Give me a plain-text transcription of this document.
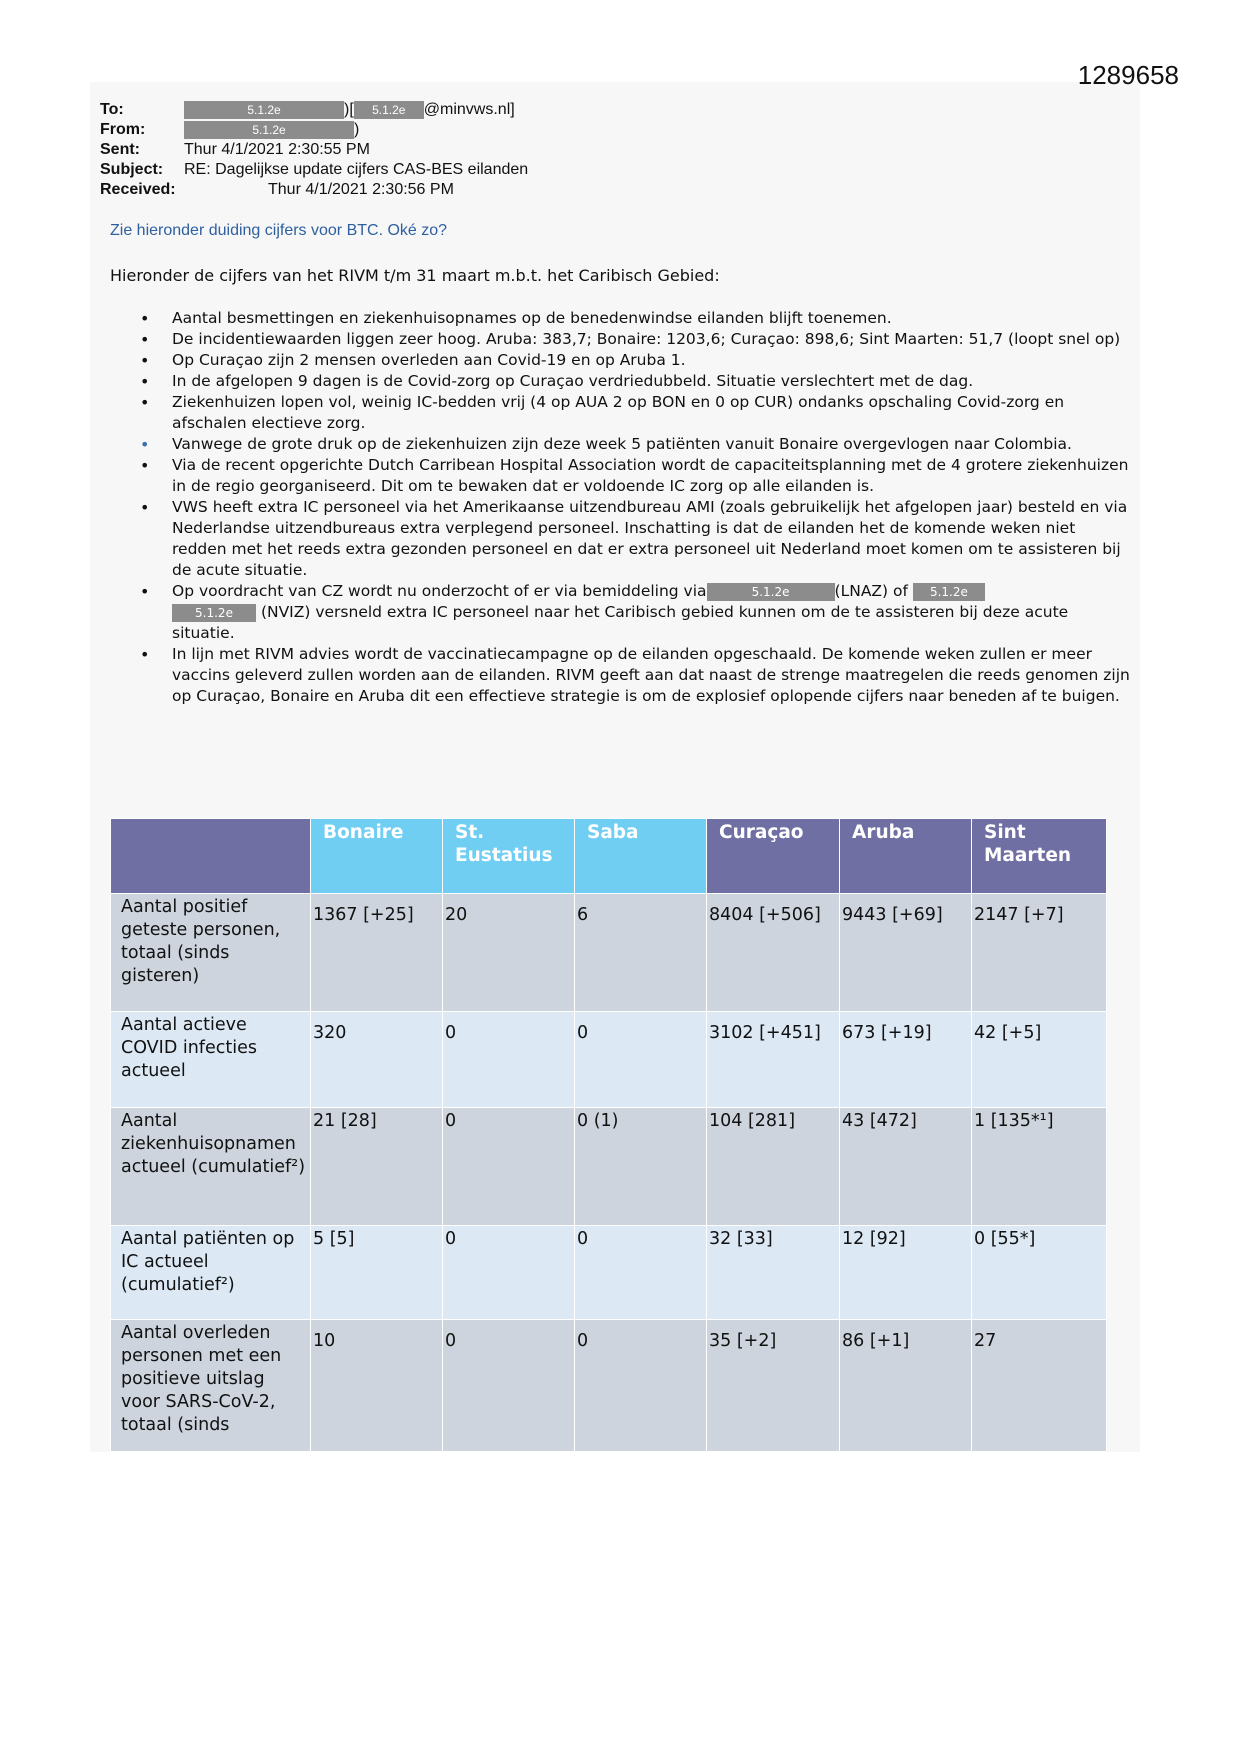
1289658
To:	5.1.2e	)[ 5.1.2e @minvws.nl]
From:	5.1.2e	)
Sent:	Thur 4/1/2021 2:30:55 PM
Subject: RE: Dagelijkse update cijfers CAS-BES eilanden
Received:	Thur 4/1/2021 2:30:56 PM
Zie hieronder duiding cijfers voor BTC. Oké zo?
Hieronder de cijfers van het RIVM t/m 31 maart m.b.t. het Caribisch Gebied:
• Aantal besmettingen en ziekenhuisopnames op de benedenwindse eilanden blijft toenemen.
• De incidentiewaarden liggen zeer hoog. Aruba: 383,7; Bonaire: 1203,6; Curaçao: 898,6; Sint Maarten: 51,7 (loopt snel op)
• Op Curaçao zijn 2 mensen overleden aan Covid-19 en op Aruba 1.
• In de afgelopen 9 dagen is de Covid-zorg op Curaçao verdriedubbeld. Situatie verslechtert met de dag.
• Ziekenhuizen lopen vol, weinig IC-bedden vrij (4 op AUA 2 op BON en 0 op CUR) ondanks opschaling Covid-zorg en afschalen electieve zorg.
• Vanwege de grote druk op de ziekenhuizen zijn deze week 5 patiënten vanuit Bonaire overgevlogen naar Colombia.
• Via de recent opgerichte Dutch Carribean Hospital Association wordt de capaciteitsplanning met de 4 grotere ziekenhuizen in de regio georganiseerd. Dit om te bewaken dat er voldoende IC zorg op alle eilanden is.
• VWS heeft extra IC personeel via het Amerikaanse uitzendbureau AMI (zoals gebruikelijk het afgelopen jaar) besteld en via Nederlandse uitzendbureaus extra verplegend personeel. Inschatting is dat de eilanden het de komende weken niet redden met het reeds extra gezonden personeel en dat er extra personeel uit Nederland moet komen om te assisteren bij de acute situatie.
• Op voordracht van CZ wordt nu onderzocht of er via bemiddeling via	5.1.2e	(LNAZ) of 5.1.2e
5.1.2e (NVIZ) versneld extra IC personeel naar het Caribisch gebied kunnen om de te assisteren bij deze acute situatie.
• In lijn met RIVM advies wordt de vaccinatiecampagne op de eilanden opgeschaald. De komende weken zullen er meer vaccins geleverd zullen worden aan de eilanden. RIVM geeft aan dat naast de strenge maatregelen die reeds genomen zijn op Curaçao, Bonaire en Aruba dit een effectieve strategie is om de explosief oplopende cijfers naar beneden af te buigen.
	Bonaire	St. Eustatius	Saba	Curaçao	Aruba	Sint Maarten
Aantal positief geteste personen, totaal (sinds gisteren)	1367 [+25]	20	6	8404 [+506]	9443 [+69]	2147 [+7]
Aantal actieve COVID infecties actueel	320	0	0	3102 [+451]	673 [+19]	42 [+5]
Aantal ziekenhuisopnamen actueel (cumulatief²)	21 [28]	0	0 (1)	104 [281]	43 [472]	1 [135*¹]
Aantal patiënten op IC actueel (cumulatief²)	5 [5]	0	0	32 [33]	12 [92]	0 [55*]
Aantal overleden personen met een positieve uitslag voor SARS-CoV-2, totaal (sinds	10	0	0	35 [+2]	86 [+1]	27
